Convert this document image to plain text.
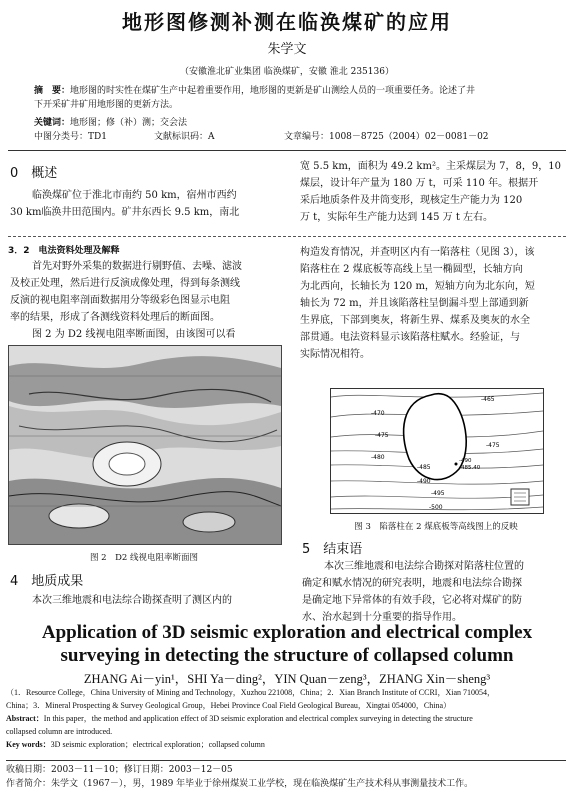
地形图修测补测在临涣煤矿的应用
朱学文
（安徽淮北矿业集团 临涣煤矿，安徽 淮北 235136）
摘　要：地形图的时实性在煤矿生产中起着重要作用，地形图的更新是矿山测绘人员的一项重要任务。论述了井
下开采矿井矿用地形图的更新方法。
关键词：地形图；修（补）测；交会法
中图分类号：TD1	文献标识码：A	文章编号：1008－8725（2004）02－0081－02
0　概述
临涣煤矿位于淮北市南约 50 km，宿州市西约
30 km临涣井田范围内。矿井东西长 9.5 km，南北
宽 5.5 km，面积为 49.2 km²。主采煤层为 7，8，9，10
煤层，设计年产量为 180 万 t，可采 110 年。根据开
采后地质条件及井筒变形，现核定生产能力为 120
万 t，实际年生产能力达到 145 万 t 左右。
3．2　电法资料处理及解释
首先对野外采集的数据进行剔野值、去噪、滤波
及校正处理，然后进行反演成像处理，得到每条测线
反演的视电阻率剖面数据用分等级彩色图显示电阻
率的结果，形成了各测线资料处理后的断面图。
图 2 为 D2 线视电阻率断面图，由该图可以看
构造发育情况，并查明区内有一陷落柱（见图 3），该
陷落柱在 2 煤底板等高线上呈一椭圆型，长轴方向
为北西向，长轴长为 120 m，短轴方向为北东向，短
轴长为 72 m，并且该陷落柱呈倒漏斗型上部通到新
生界底，下部到奥灰，将新生界、煤系及奥灰的水全
部贯通。电法资料显示该陷落柱赋水。经验证，与
实际情况相符。
图 2　D2 线视电阻率断面图
-465
-470
-475
-475
-480
-485
-490
-495
-500
-490
-485.40
图 3　陷落柱在 2 煤底板等高线图上的反映
4　地质成果
本次三维地震和电法综合勘探查明了测区内的
5　结束语
本次三维地震和电法综合勘探对陷落柱位置的
确定和赋水情况的研究表明，地震和电法综合勘探
是确定地下异常体的有效手段，它必将对煤矿的防
水、治水起到十分重要的指导作用。
Application of 3D seismic exploration and electrical complex
surveying in detecting the structure of collapsed column
ZHANG Ai－yin¹，SHI Ya－ding²，YIN Quan－zeng³，ZHANG Xin－sheng³
（1．Resource College，China University of Mining and Technology，Xuzhou 221008，China；2．Xian Branch Institute of CCRI，Xian 710054，
China；3．Mineral Prospecting & Survey Geological Group，Hebei Province Coal Field Geological Bureau，Xingtai 054000，China）
Abstract：In this paper，the method and application effect of 3D seismic exploration and electrical complex surveying in detecting the structure
collapsed column are introduced.
Key words：3D seismic exploration；electrical exploration；collapsed column
收稿日期：2003－11－10；修订日期：2003－12－05
作者简介：朱学文（1967－），男，1989 年毕业于徐州煤炭工业学校，现在临涣煤矿生产技术科从事测量技术工作。
